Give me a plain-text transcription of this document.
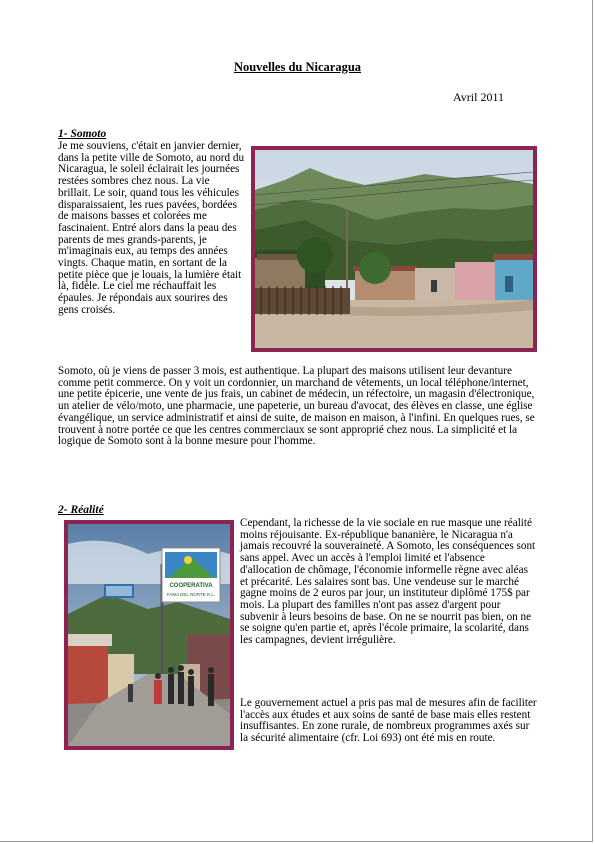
Nouvelles du Nicaragua
Avril 2011
1- Somoto

Je me souviens, c'était en janvier dernier, dans la petite ville de Somoto, au nord du Nicaragua, le soleil éclairait les journées restées sombres chez nous. La vie brillait. Le soir, quand tous les véhicules disparaissaient, les rues pavées, bordées de maisons basses et colorées me fascinaient. Entré alors dans la peau des parents de mes grands-parents, je m'imaginais eux, au temps des années vingts. Chaque matin, en sortant de la petite pièce que je louais, la lumière était là, fidèle. Le ciel me réchauffait les épaules. Je répondais aux sourires des gens croisés.

Somoto, où je viens de passer 3 mois, est authentique. La plupart des maisons utilisent leur devanture comme petit commerce. On y voit un cordonnier, un marchand de vêtements, un local téléphone/internet, une petite épicerie, une vente de jus frais, un cabinet de médecin, un réfectoire, un magasin d'électronique, un atelier de vélo/moto, une pharmacie, une papeterie, un bureau d'avocat, des élèves en classe, une église évangélique, un service administratif et ainsi de suite, de maison en maison, à l'infini. En quelques rues, se trouvent à notre portée ce que les centres commerciaux se sont approprié chez nous. La simplicité et la logique de Somoto sont à la bonne mesure pour l'homme.

2- Réalité
COOPERATIVA
FAMA DEL NORTE R.L.

Cependant, la richesse de la vie sociale en rue masque une réalité moins réjouisante. Ex-république bananière, le Nicaragua n'a jamais recouvré la souveraineté. A Somoto, les conséquences sont sans appel. Avec un accès à l'emploi limité et l'absence d'allocation de chômage, l'économie informelle règne avec aléas et précarité. Les salaires sont bas. Une vendeuse sur le marché gagne moins de 2 euros par jour, un instituteur diplômé 175$ par mois. La plupart des familles n'ont pas assez d'argent pour subvenir à leurs besoins de base. On ne se nourrit pas bien, on ne se soigne qu'en partie et, après l'école primaire, la scolarité, dans les campagnes, devient irrégulière.

Le gouvernement actuel a pris pas mal de mesures afin de faciliter l'accès aux études et aux soins de santé de base mais elles restent insuffisantes. En zone rurale, de nombreux programmes axés sur la sécurité alimentaire (cfr. Loi 693) ont été mis en route.
